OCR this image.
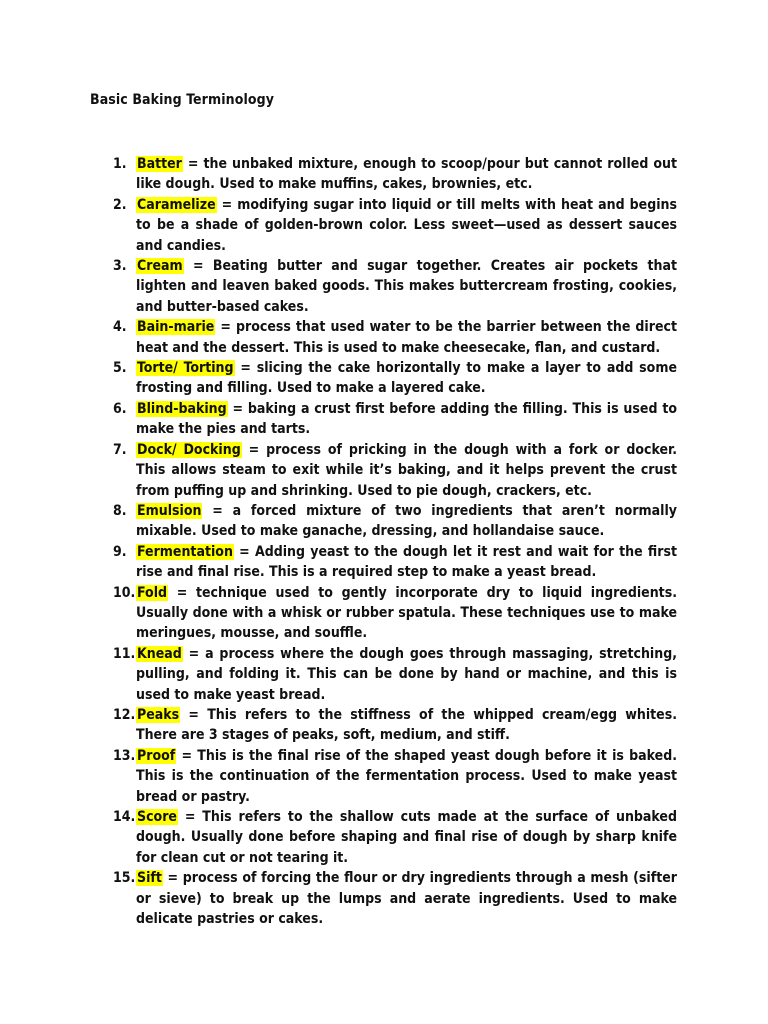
Basic Baking Terminology
1. Batter = the unbaked mixture, enough to scoop/pour but cannot rolled out like dough. Used to make muffins, cakes, brownies, etc.
2. Caramelize = modifying sugar into liquid or till melts with heat and begins to be a shade of golden-brown color. Less sweet—used as dessert sauces and candies.
3. Cream = Beating butter and sugar together. Creates air pockets that lighten and leaven baked goods. This makes buttercream frosting, cookies, and butter-based cakes.
4. Bain-marie = process that used water to be the barrier between the direct heat and the dessert. This is used to make cheesecake, flan, and custard.
5. Torte/ Torting = slicing the cake horizontally to make a layer to add some frosting and filling. Used to make a layered cake.
6. Blind-baking = baking a crust first before adding the filling. This is used to make the pies and tarts.
7. Dock/ Docking = process of pricking in the dough with a fork or docker. This allows steam to exit while it’s baking, and it helps prevent the crust from puffing up and shrinking. Used to pie dough, crackers, etc.
8. Emulsion = a forced mixture of two ingredients that aren’t normally mixable. Used to make ganache, dressing, and hollandaise sauce.
9. Fermentation = Adding yeast to the dough let it rest and wait for the first rise and final rise. This is a required step to make a yeast bread.
10. Fold = technique used to gently incorporate dry to liquid ingredients. Usually done with a whisk or rubber spatula. These techniques use to make meringues, mousse, and souffle.
11. Knead = a process where the dough goes through massaging, stretching, pulling, and folding it. This can be done by hand or machine, and this is used to make yeast bread.
12. Peaks = This refers to the stiffness of the whipped cream/egg whites. There are 3 stages of peaks, soft, medium, and stiff.
13. Proof = This is the final rise of the shaped yeast dough before it is baked. This is the continuation of the fermentation process. Used to make yeast bread or pastry.
14. Score = This refers to the shallow cuts made at the surface of unbaked dough. Usually done before shaping and final rise of dough by sharp knife for clean cut or not tearing it.
15. Sift = process of forcing the flour or dry ingredients through a mesh (sifter or sieve) to break up the lumps and aerate ingredients. Used to make delicate pastries or cakes.
